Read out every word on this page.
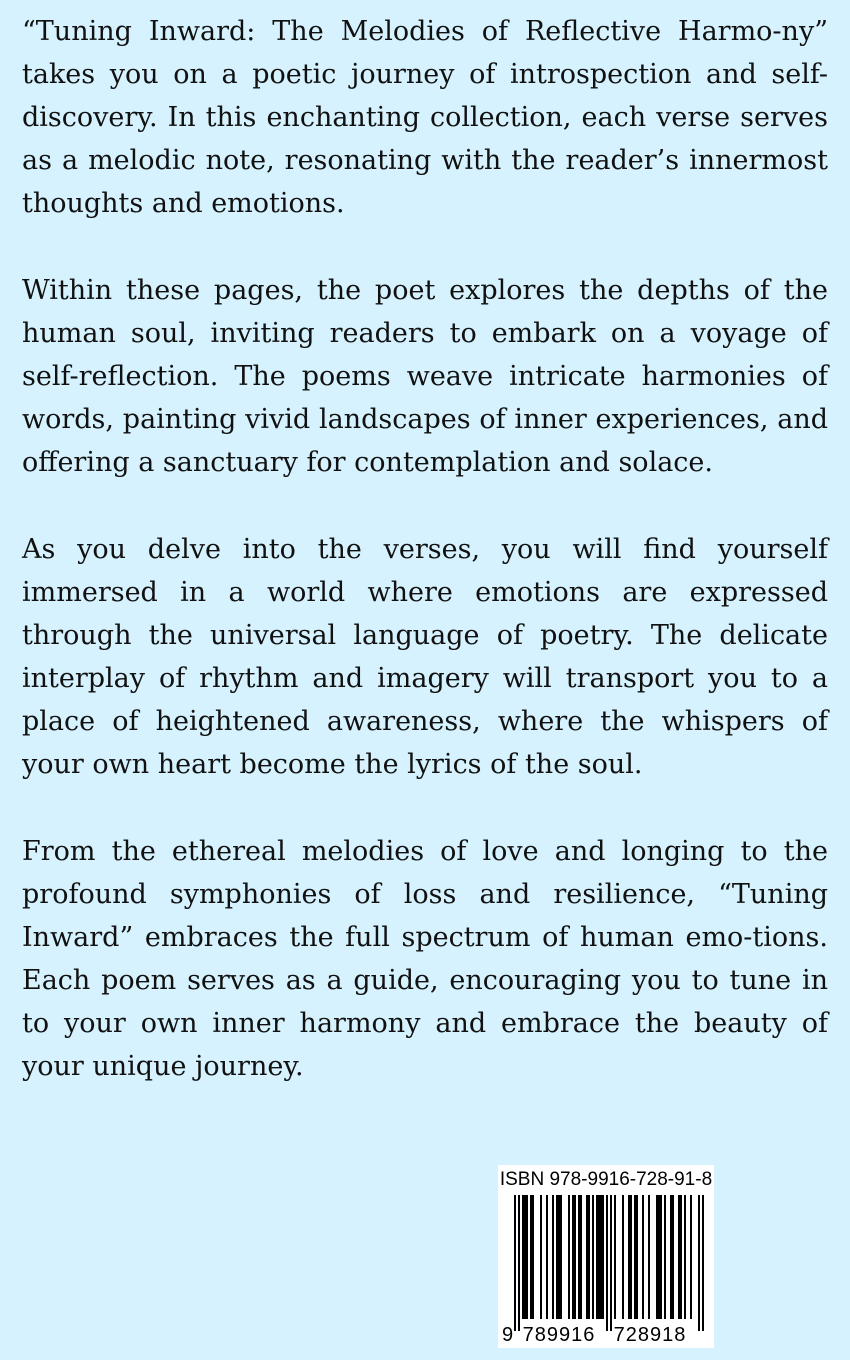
“Tuning Inward: The Melodies of Reflective Harmo-ny” takes you on a poetic journey of introspection and self-discovery. In this enchanting collection, each verse serves as a melodic note, resonating with the reader’s innermost thoughts and emotions.

Within these pages, the poet explores the depths of the human soul, inviting readers to embark on a voyage of self-reflection. The poems weave intricate harmonies of words, painting vivid landscapes of inner experiences, and offering a sanctuary for contemplation and solace.

As you delve into the verses, you will find yourself immersed in a world where emotions are expressed through the universal language of poetry. The delicate interplay of rhythm and imagery will transport you to a place of heightened awareness, where the whispers of your own heart become the lyrics of the soul.

From the ethereal melodies of love and longing to the profound symphonies of loss and resilience, “Tuning Inward” embraces the full spectrum of human emo-tions. Each poem serves as a guide, encouraging you to tune in to your own inner harmony and embrace the beauty of your unique journey.

ISBN 978-9916-728-91-8
9 789916 728918
